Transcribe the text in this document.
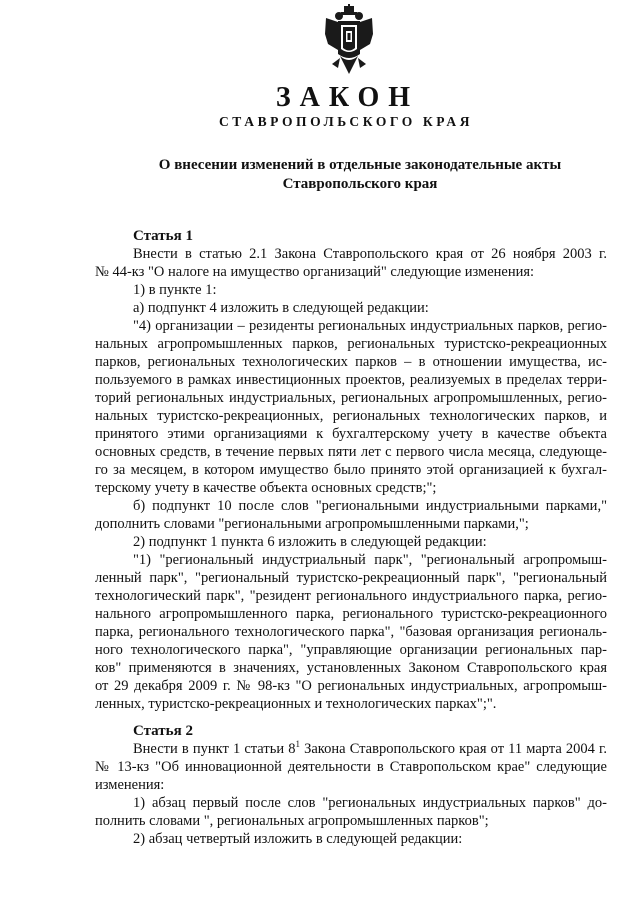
ЗАКОН
СТАВРОПОЛЬСКОГО КРАЯ
О внесении изменений в отдельные законодательные акты
Ставропольского края
Статья 1
Внести в статью 2.1 Закона Ставропольского края от 26 ноября 2003 г.
№ 44-кз "О налоге на имущество организаций" следующие изменения:
1) в пункте 1:
а) подпункт 4 изложить в следующей редакции:
"4) организации – резиденты региональных индустриальных парков, регио-
нальных агропромышленных парков, региональных туристско-рекреационных
парков, региональных технологических парков – в отношении имущества, ис-
пользуемого в рамках инвестиционных проектов, реализуемых в пределах терри-
торий региональных индустриальных, региональных агропромышленных, регио-
нальных туристско-рекреационных, региональных технологических парков, и
принятого этими организациями к бухгалтерскому учету в качестве объекта
основных средств, в течение первых пяти лет с первого числа месяца, следующе-
го за месяцем, в котором имущество было принято этой организацией к бухгал-
терскому учету в качестве объекта основных средств;";
б) подпункт 10 после слов "региональными индустриальными парками,"
дополнить словами "региональными агропромышленными парками,";
2) подпункт 1 пункта 6 изложить в следующей редакции:
"1) "региональный индустриальный парк", "региональный агропромыш-
ленный парк", "региональный туристско-рекреационный парк", "региональный
технологический парк", "резидент регионального индустриального парка, регио-
нального агропромышленного парка, регионального туристско-рекреационного
парка, регионального технологического парка", "базовая организация региональ-
ного технологического парка", "управляющие организации региональных пар-
ков" применяются в значениях, установленных Законом Ставропольского края
от 29 декабря 2009 г. № 98-кз "О региональных индустриальных, агропромыш-
ленных, туристско-рекреационных и технологических парках";".
Статья 2
Внести в пункт 1 статьи $8^1$ Закона Ставропольского края от 11 марта 2004 г.
№ 13-кз "Об инновационной деятельности в Ставропольском крае" следующие
изменения:
1) абзац первый после слов "региональных индустриальных парков" до-
полнить словами ", региональных агропромышленных парков";
2) абзац четвертый изложить в следующей редакции:
